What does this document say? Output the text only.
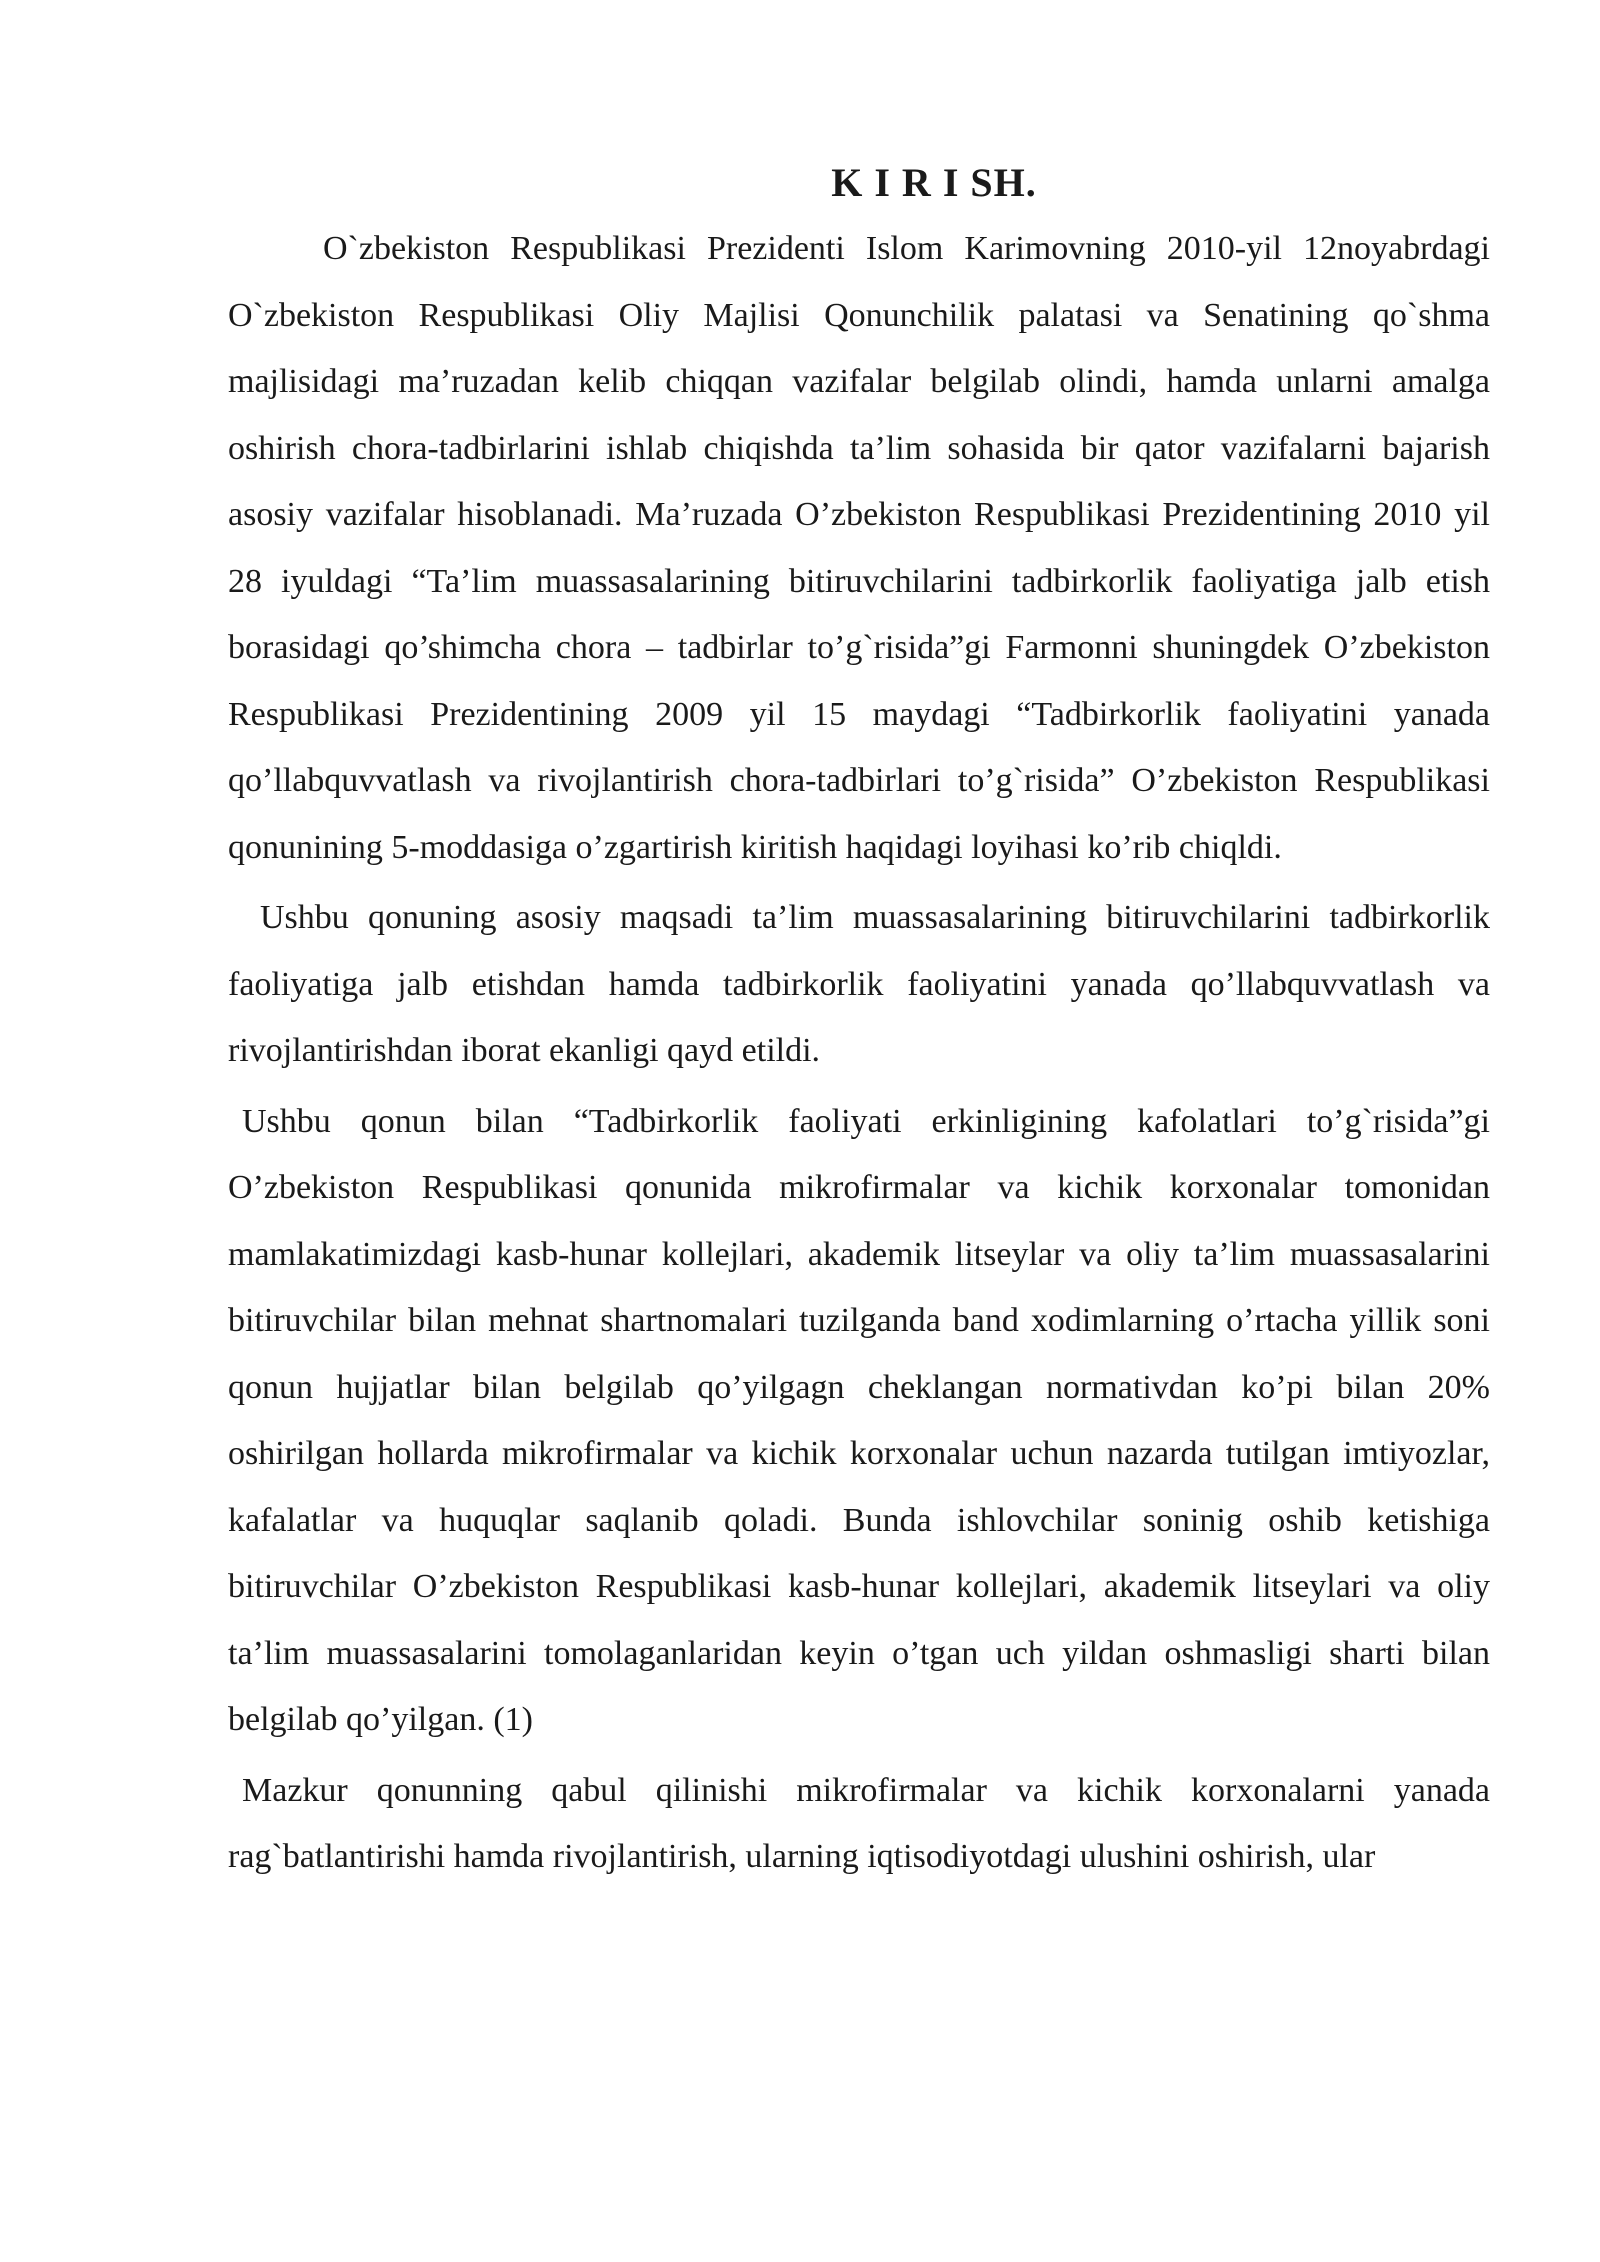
K I R I SH.

O`zbekiston Respublikasi Prezidenti Islom Karimovning 2010-yil 12noyabrdagi O`zbekiston Respublikasi Oliy Majlisi Qonunchilik palatasi va Senatining qo`shma majlisidagi ma’ruzadan kelib chiqqan vazifalar belgilab olindi, hamda unlarni amalga oshirish chora-tadbirlarini ishlab chiqishda ta’lim sohasida bir qator vazifalarni bajarish asosiy vazifalar hisoblanadi. Ma’ruzada O’zbekiston Respublikasi Prezidentining 2010 yil 28 iyuldagi “Ta’lim muassasalarining bitiruvchilarini tadbirkorlik faoliyatiga jalb etish borasidagi qo’shimcha chora – tadbirlar to’g`risida”gi Farmonni shuningdek O’zbekiston Respublikasi Prezidentining 2009 yil 15 maydagi “Tadbirkorlik faoliyatini yanada qo’llabquvvatlash va rivojlantirish chora-tadbirlari to’g`risida” O’zbekiston Respublikasi qonunining 5-moddasiga o’zgartirish kiritish haqidagi loyihasi ko’rib chiqldi.

Ushbu qonuning asosiy maqsadi ta’lim muassasalarining bitiruvchilarini tadbirkorlik faoliyatiga jalb etishdan hamda tadbirkorlik faoliyatini yanada qo’llabquvvatlash va rivojlantirishdan iborat ekanligi qayd etildi.

Ushbu qonun bilan “Tadbirkorlik faoliyati erkinligining kafolatlari to’g`risida”gi O’zbekiston Respublikasi qonunida mikrofirmalar va kichik korxonalar tomonidan mamlakatimizdagi kasb-hunar kollejlari, akademik litseylar va oliy ta’lim muassasalarini bitiruvchilar bilan mehnat shartnomalari tuzilganda band xodimlarning o’rtacha yillik soni qonun hujjatlar bilan belgilab qo’yilgagn cheklangan normativdan ko’pi bilan 20% oshirilgan hollarda mikrofirmalar va kichik korxonalar uchun nazarda tutilgan imtiyozlar, kafalatlar va huquqlar saqlanib qoladi. Bunda ishlovchilar soninig oshib ketishiga bitiruvchilar O’zbekiston Respublikasi kasb-hunar kollejlari, akademik litseylari va oliy ta’lim muassasalarini tomolaganlaridan keyin o’tgan uch yildan oshmasligi sharti bilan belgilab qo’yilgan. (1)

Mazkur qonunning qabul qilinishi mikrofirmalar va kichik korxonalarni yanada rag`batlantirishi hamda rivojlantirish, ularning iqtisodiyotdagi ulushini oshirish, ular
